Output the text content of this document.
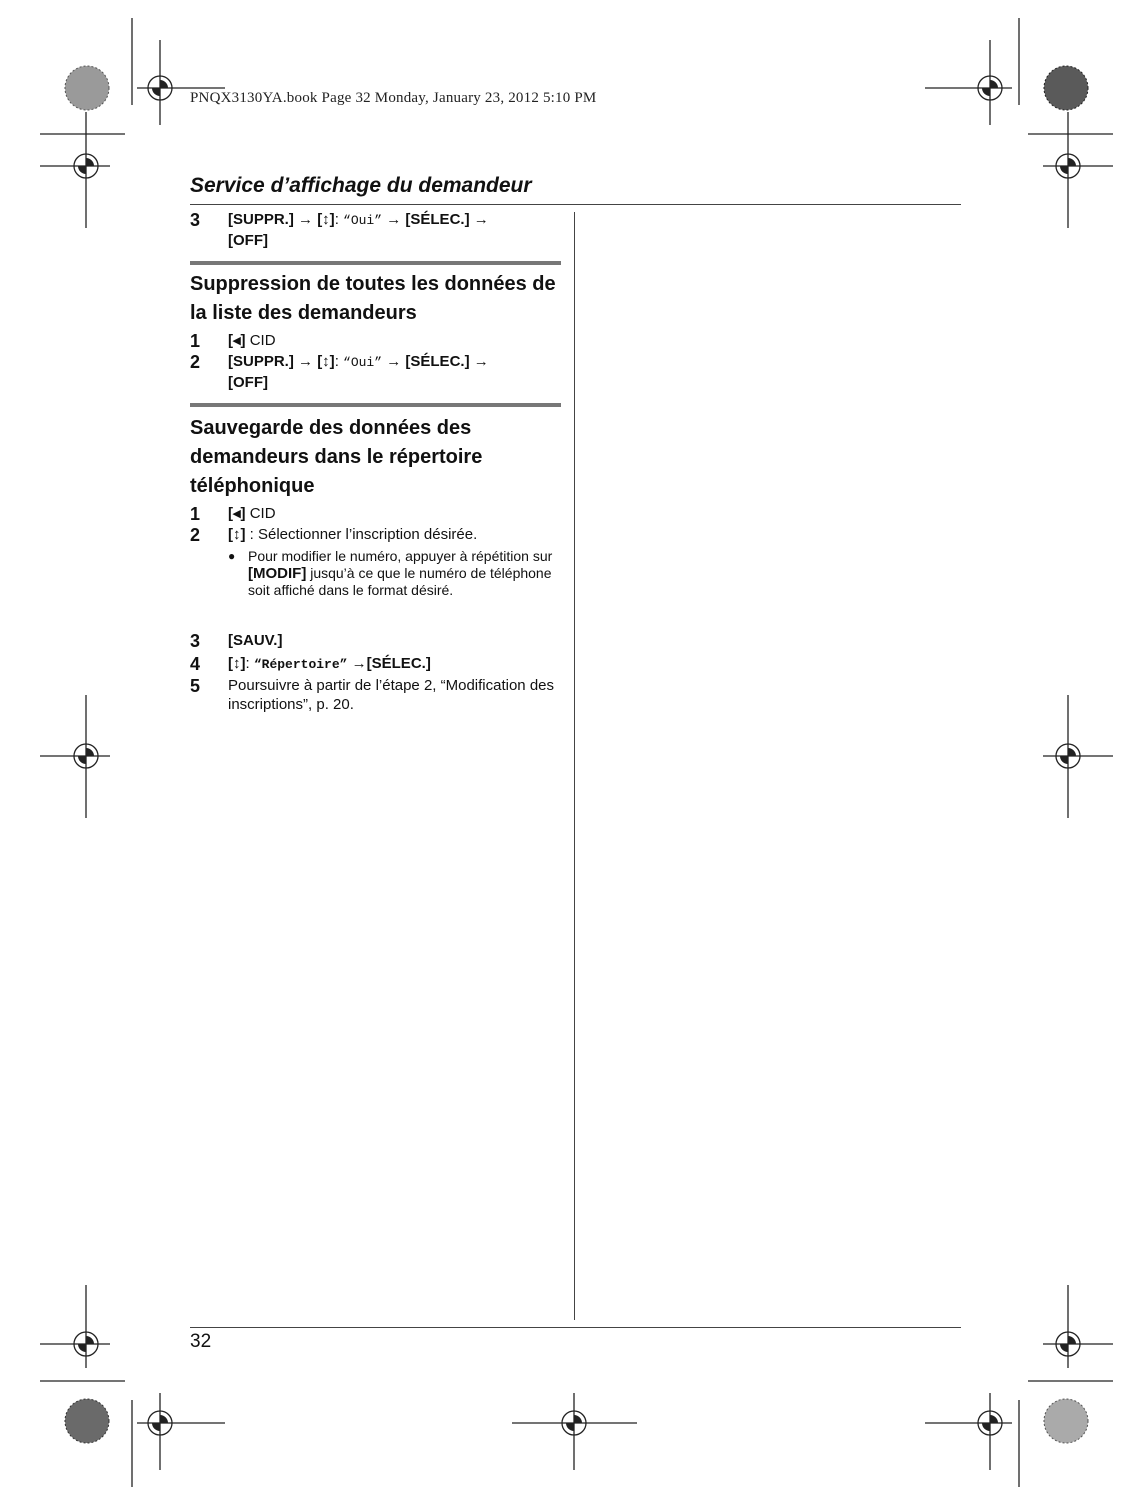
PNQX3130YA.book Page 32 Monday, January 23, 2012 5:10 PM
Service d’affichage du demandeur
3 [SUPPR.] → [↕]: “Oui” → [SÉLEC.] →
[OFF]
Suppression de toutes les données de la liste des demandeurs
1 [◂] CID
2 [SUPPR.] → [↕]: “Oui” → [SÉLEC.] →
[OFF]
Sauvegarde des données des demandeurs dans le répertoire téléphonique
1 [◂] CID
2 [↕] : Sélectionner l’inscription désirée.
● Pour modifier le numéro, appuyer à répétition sur [MODIF] jusqu’à ce que le numéro de téléphone soit affiché dans le format désiré.
3 [SAUV.]
4 [↕]: “Répertoire” →[SÉLEC.]
5 Poursuivre à partir de l’étape 2, “Modification des inscriptions”, p. 20.
32
